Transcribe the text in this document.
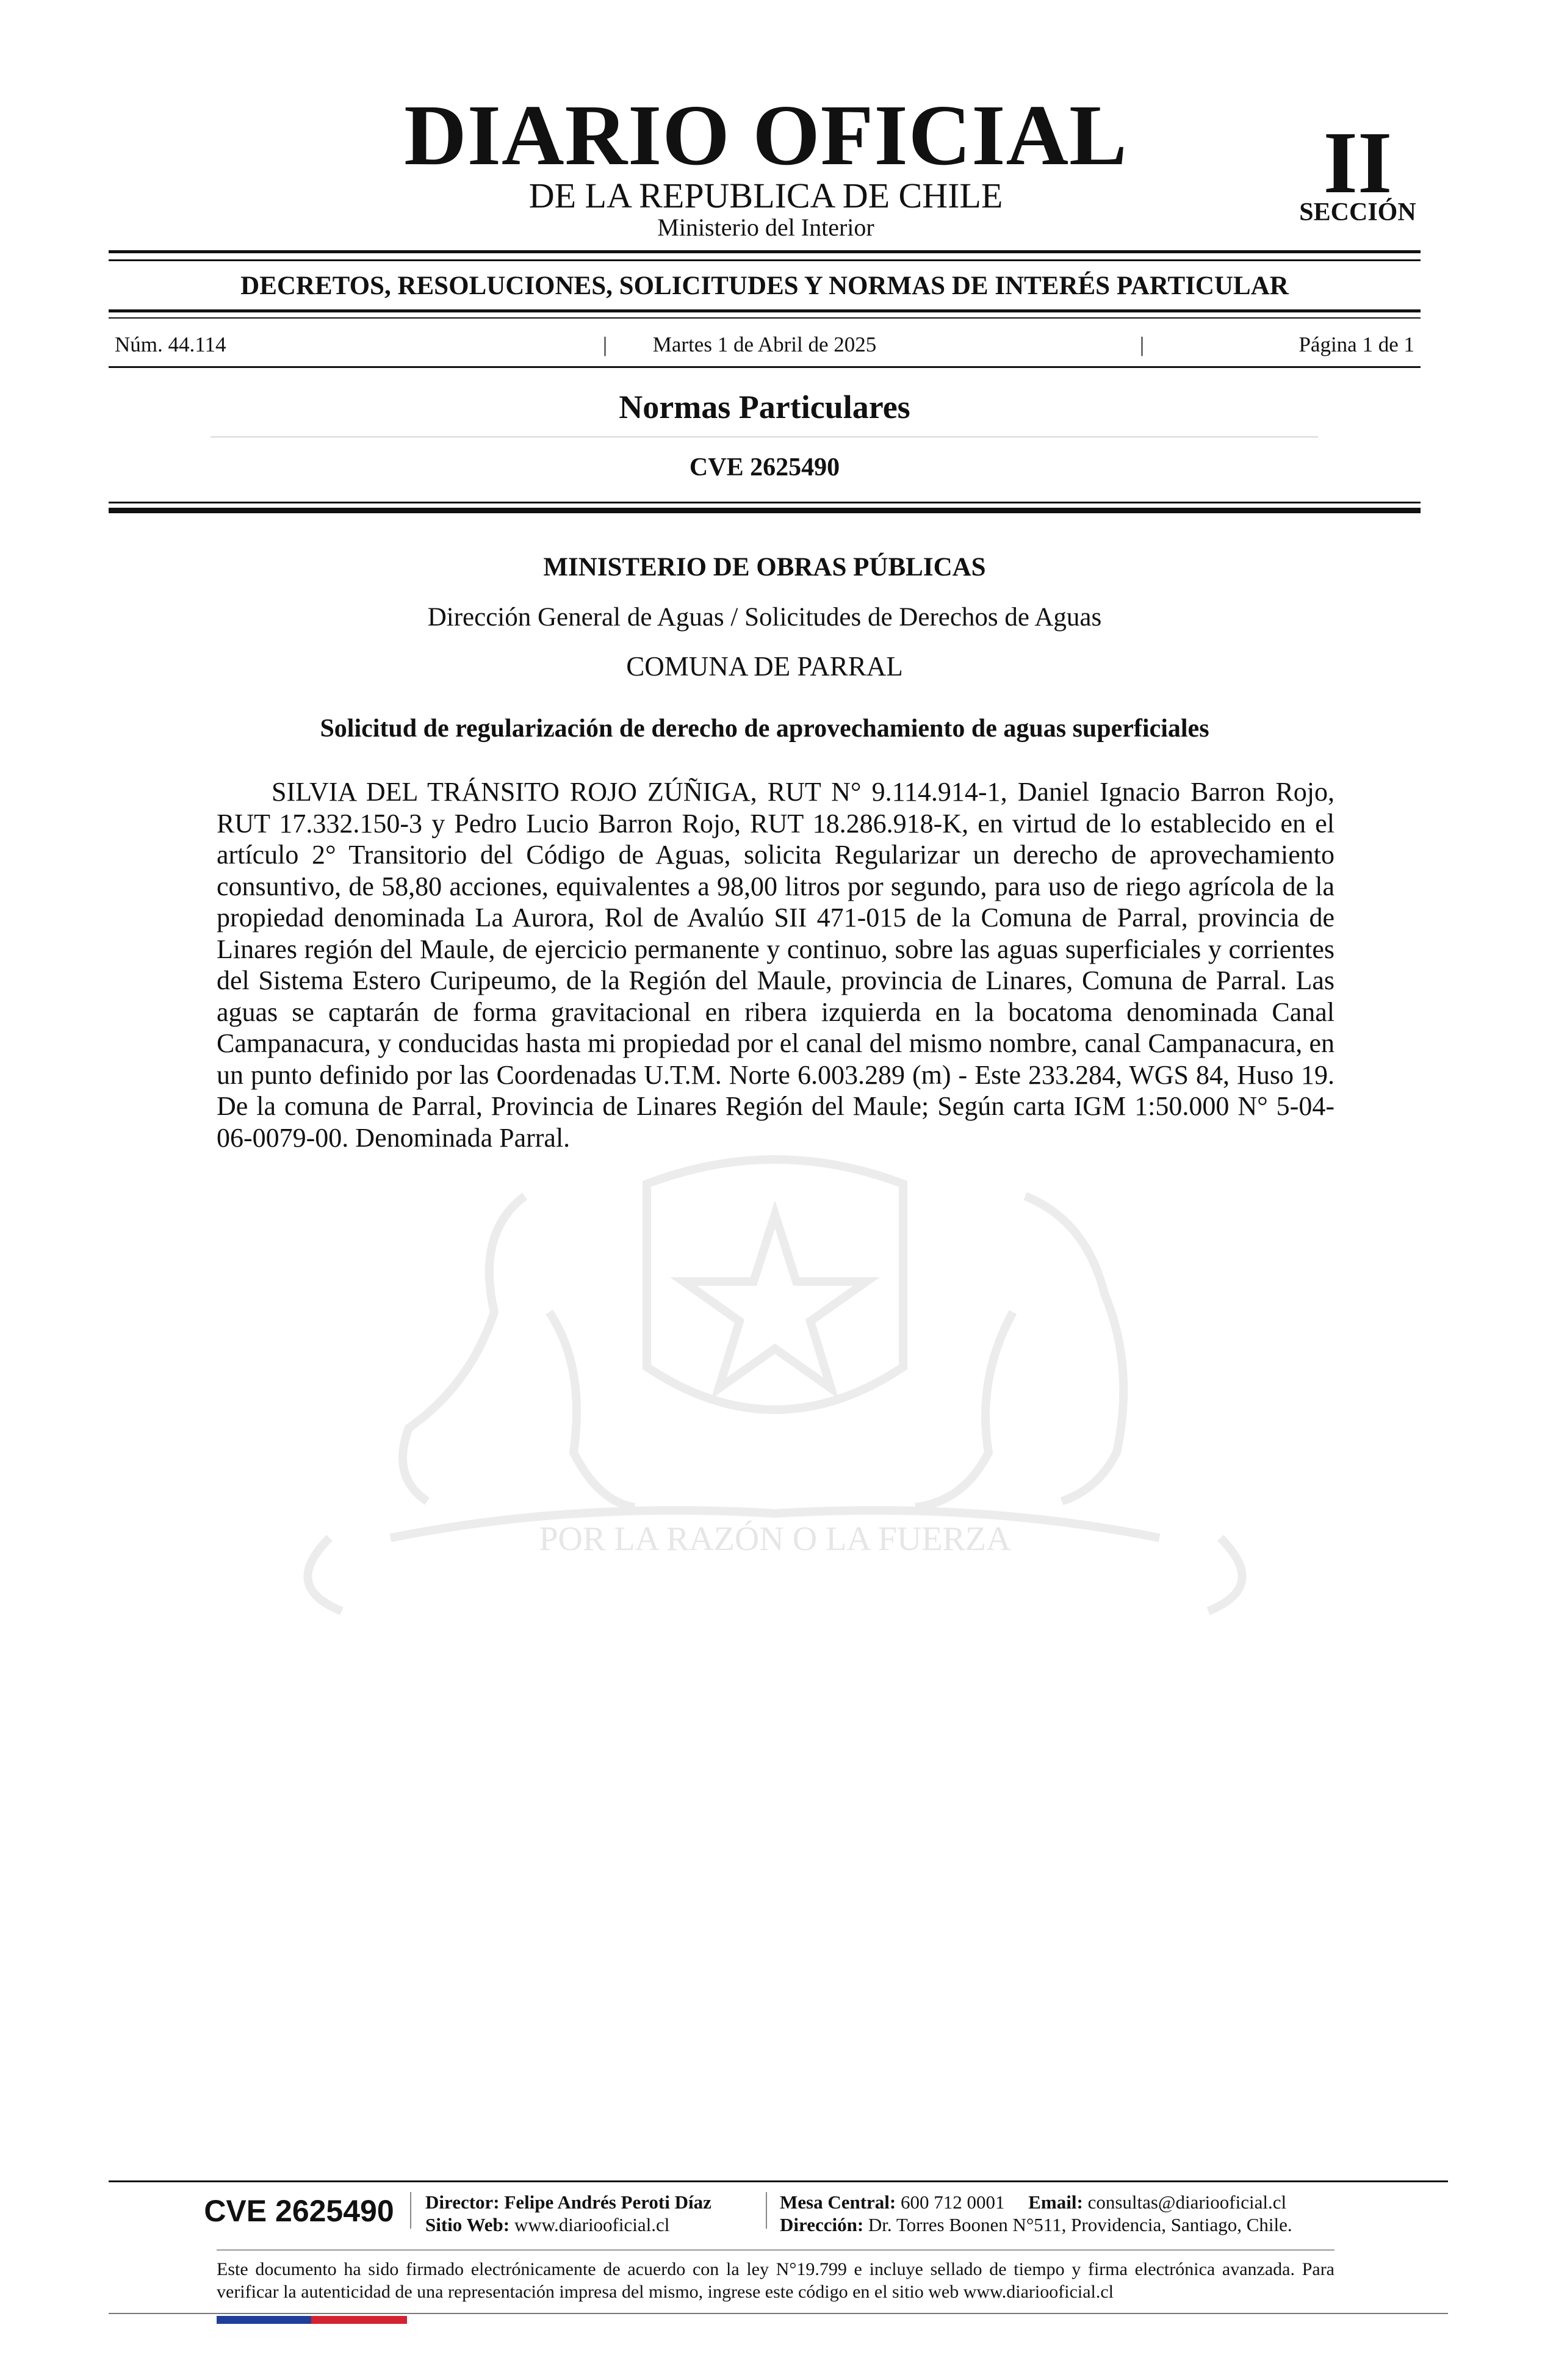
DIARIO OFICIAL
DE LA REPUBLICA DE CHILE
Ministerio del Interior
II
SECCIÓN
DECRETOS, RESOLUCIONES, SOLICITUDES Y NORMAS DE INTERÉS PARTICULAR
Núm. 44.114	|	Martes 1 de Abril de 2025	|	Página 1 de 1
Normas Particulares
CVE 2625490
POR LA RAZÓN O LA FUERZA
MINISTERIO DE OBRAS PÚBLICAS
Dirección General de Aguas / Solicitudes de Derechos de Aguas
COMUNA DE PARRAL
Solicitud de regularización de derecho de aprovechamiento de aguas superficiales
SILVIA DEL TRÁNSITO ROJO ZÚÑIGA, RUT N° 9.114.914-1, Daniel Ignacio Barron Rojo, RUT 17.332.150-3 y Pedro Lucio Barron Rojo, RUT 18.286.918-K, en virtud de lo establecido en el artículo 2° Transitorio del Código de Aguas, solicita Regularizar un derecho de aprovechamiento consuntivo, de 58,80 acciones, equivalentes a 98,00 litros por segundo, para uso de riego agrícola de la propiedad denominada La Aurora, Rol de Avalúo SII 471-015 de la Comuna de Parral, provincia de Linares región del Maule, de ejercicio permanente y continuo, sobre las aguas superficiales y corrientes del Sistema Estero Curipeumo, de la Región del Maule, provincia de Linares, Comuna de Parral. Las aguas se captarán de forma gravitacional en ribera izquierda en la bocatoma denominada Canal Campanacura, y conducidas hasta mi propiedad por el canal del mismo nombre, canal Campanacura, en un punto definido por las Coordenadas U.T.M. Norte 6.003.289 (m) - Este 233.284, WGS 84, Huso 19. De la comuna de Parral, Provincia de Linares Región del Maule; Según carta IGM 1:50.000 N° 5-04-06-0079-00. Denominada Parral.
CVE 2625490	Director: Felipe Andrés Peroti Díaz
Sitio Web: www.diariooficial.cl
Mesa Central: 600 712 0001 Email: consultas@diariooficial.cl
Dirección: Dr. Torres Boonen N°511, Providencia, Santiago, Chile.
Este documento ha sido firmado electrónicamente de acuerdo con la ley N°19.799 e incluye sellado de tiempo y firma electrónica avanzada. Para verificar la autenticidad de una representación impresa del mismo, ingrese este código en el sitio web www.diariooficial.cl
